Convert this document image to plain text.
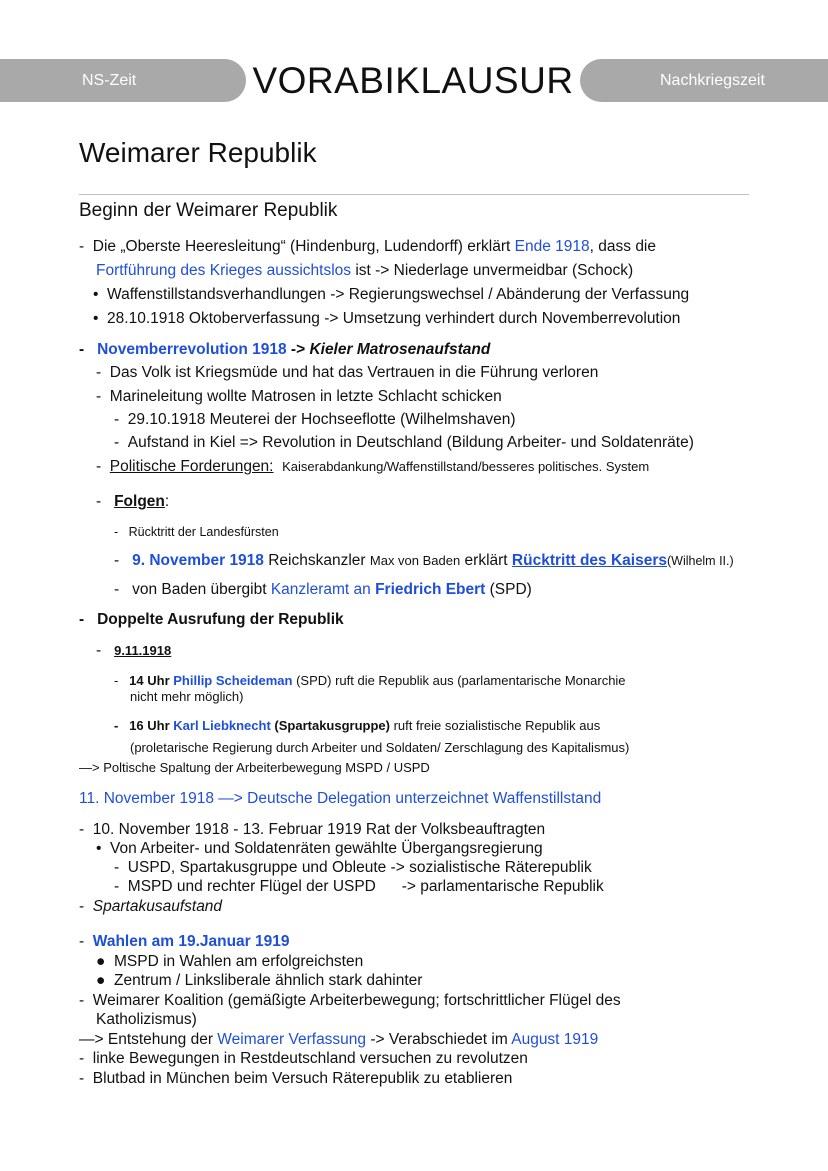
NS-Zeit	VORABIKLAUSUR	Nachkriegszeit
Weimarer Republik
Beginn der Weimarer Republik
-  Die „Oberste Heeresleitung“ (Hindenburg, Ludendorff) erklärt Ende 1918, dass die
Fortführung des Krieges aussichtslos ist -> Niederlage unvermeidbar (Schock)
•  Waffenstillstandsverhandlungen -> Regierungswechsel / Abänderung der Verfassung
•  28.10.1918 Oktoberverfassung -> Umsetzung verhindert durch Novemberrevolution
-   Novemberrevolution 1918 -> Kieler Matrosenaufstand
-  Das Volk ist Kriegsmüde und hat das Vertrauen in die Führung verloren
-  Marineleitung wollte Matrosen in letzte Schlacht schicken
-  29.10.1918 Meuterei der Hochseeflotte (Wilhelmshaven)
-  Aufstand in Kiel => Revolution in Deutschland (Bildung Arbeiter- und Soldatenräte)
-  Politische Forderungen: Kaiserabdankung/Waffenstillstand/besseres politisches. System
-   Folgen:
-   Rücktritt der Landesfürsten
-   9. November 1918 Reichskanzler Max von Baden erklärt Rücktritt des Kaisers(Wilhelm II.)
-   von Baden übergibt Kanzleramt an Friedrich Ebert (SPD)
-   Doppelte Ausrufung der Republik
-   9.11.1918
-   14 Uhr Phillip Scheideman (SPD) ruft die Republik aus (parlamentarische Monarchie
nicht mehr möglich)
- 16 Uhr Karl Liebknecht (Spartakusgruppe) ruft freie sozialistische Republik aus
(proletarische Regierung durch Arbeiter und Soldaten/ Zerschlagung des Kapitalismus)
—> Poltische Spaltung der Arbeiterbewegung MSPD / USPD
11. November 1918 —> Deutsche Delegation unterzeichnet Waffenstillstand
-  10. November 1918 - 13. Februar 1919 Rat der Volksbeauftragten
•  Von Arbeiter- und Soldatenräten gewählte Übergangsregierung
-  USPD, Spartakusgruppe und Obleute -> sozialistische Räterepublik
-  MSPD und rechter Flügel der USPD      -> parlamentarische Republik
- Spartakusaufstand
-  Wahlen am 19.Januar 1919
●  MSPD in Wahlen am erfolgreichsten
●  Zentrum / Linksliberale ähnlich stark dahinter
-  Weimarer Koalition (gemäßigte Arbeiterbewegung; fortschrittlicher Flügel des
Katholizismus)
—> Entstehung der Weimarer Verfassung -> Verabschiedet im August 1919
-  linke Bewegungen in Restdeutschland versuchen zu revolutzen
-  Blutbad in München beim Versuch Räterepublik zu etablieren
